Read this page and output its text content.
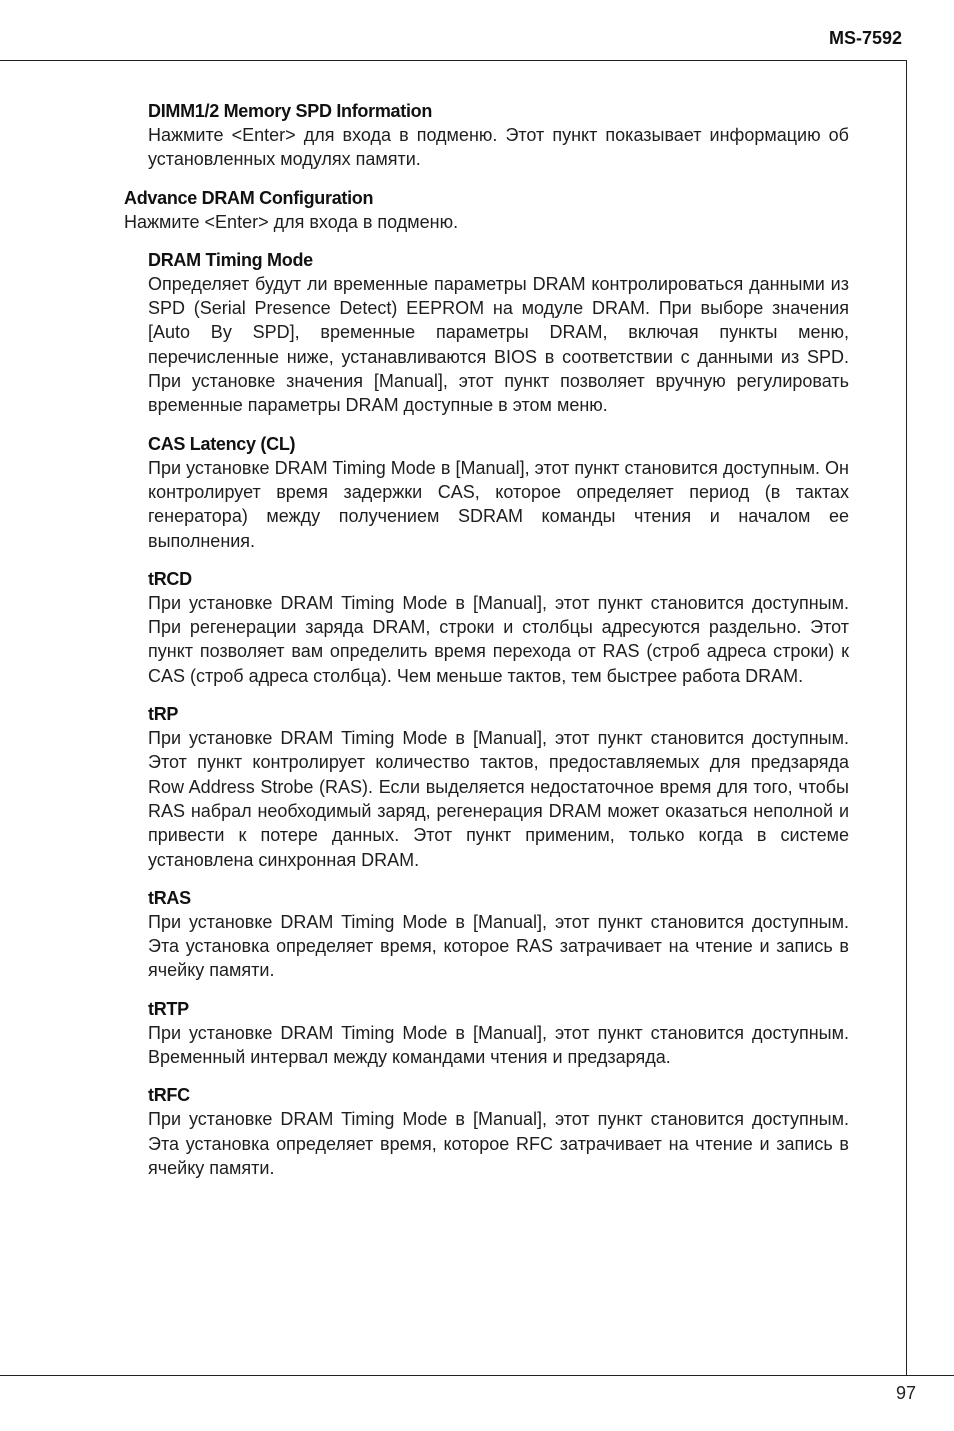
MS-7592
DIMM1/2 Memory SPD Information

Нажмите <Enter> для входа в подменю. Этот пункт показывает информацию об установленных модулях памяти.

Advance DRAM Configuration

Нажмите <Enter> для входа в подменю.

DRAM Timing Mode

Определяет будут ли временные параметры DRAM контролироваться данными из SPD (Serial Presence Detect) EEPROM на модуле DRAM. При выборе значения [Auto By SPD], временные параметры DRAM, включая пункты меню, перечисленные ниже, устанавливаются BIOS в соответствии с данными из SPD. При установке значения [Manual], этот пункт позволяет вручную регулировать временные параметры DRAM доступные в этом меню.

CAS Latency (CL)

При установке DRAM Timing Mode в [Manual], этот пункт становится доступным. Он контролирует время задержки CAS, которое определяет период (в тактах генератора) между получением SDRAM команды чтения и началом ее выполнения.

tRCD

При установке DRAM Timing Mode в [Manual], этот пункт становится доступным. При регенерации заряда DRAM, строки и столбцы адресуются раздельно. Этот пункт позволяет вам определить время перехода от RAS (строб адреса строки) к CAS (строб адреса столбца). Чем меньше тактов, тем быстрее работа DRAM.

tRP

При установке DRAM Timing Mode в [Manual], этот пункт становится доступным. Этот пункт контролирует количество тактов, предоставляемых для предзаряда Row Address Strobe (RAS). Если выделяется недостаточное время для того, чтобы RAS набрал необходимый заряд, регенерация DRAM может оказаться неполной и привести к потере данных. Этот пункт применим, только когда в системе установлена синхронная DRAM.

tRAS

При установке DRAM Timing Mode в [Manual], этот пункт становится доступным. Эта установка определяет время, которое RAS затрачивает на чтение и запись в ячейку памяти.

tRTP

При установке DRAM Timing Mode в [Manual], этот пункт становится доступным. Временный интервал между командами чтения и предзаряда.

tRFC

При установке DRAM Timing Mode в [Manual], этот пункт становится доступным. Эта установка определяет время, которое RFC затрачивает на чтение и запись в ячейку памяти.

97
